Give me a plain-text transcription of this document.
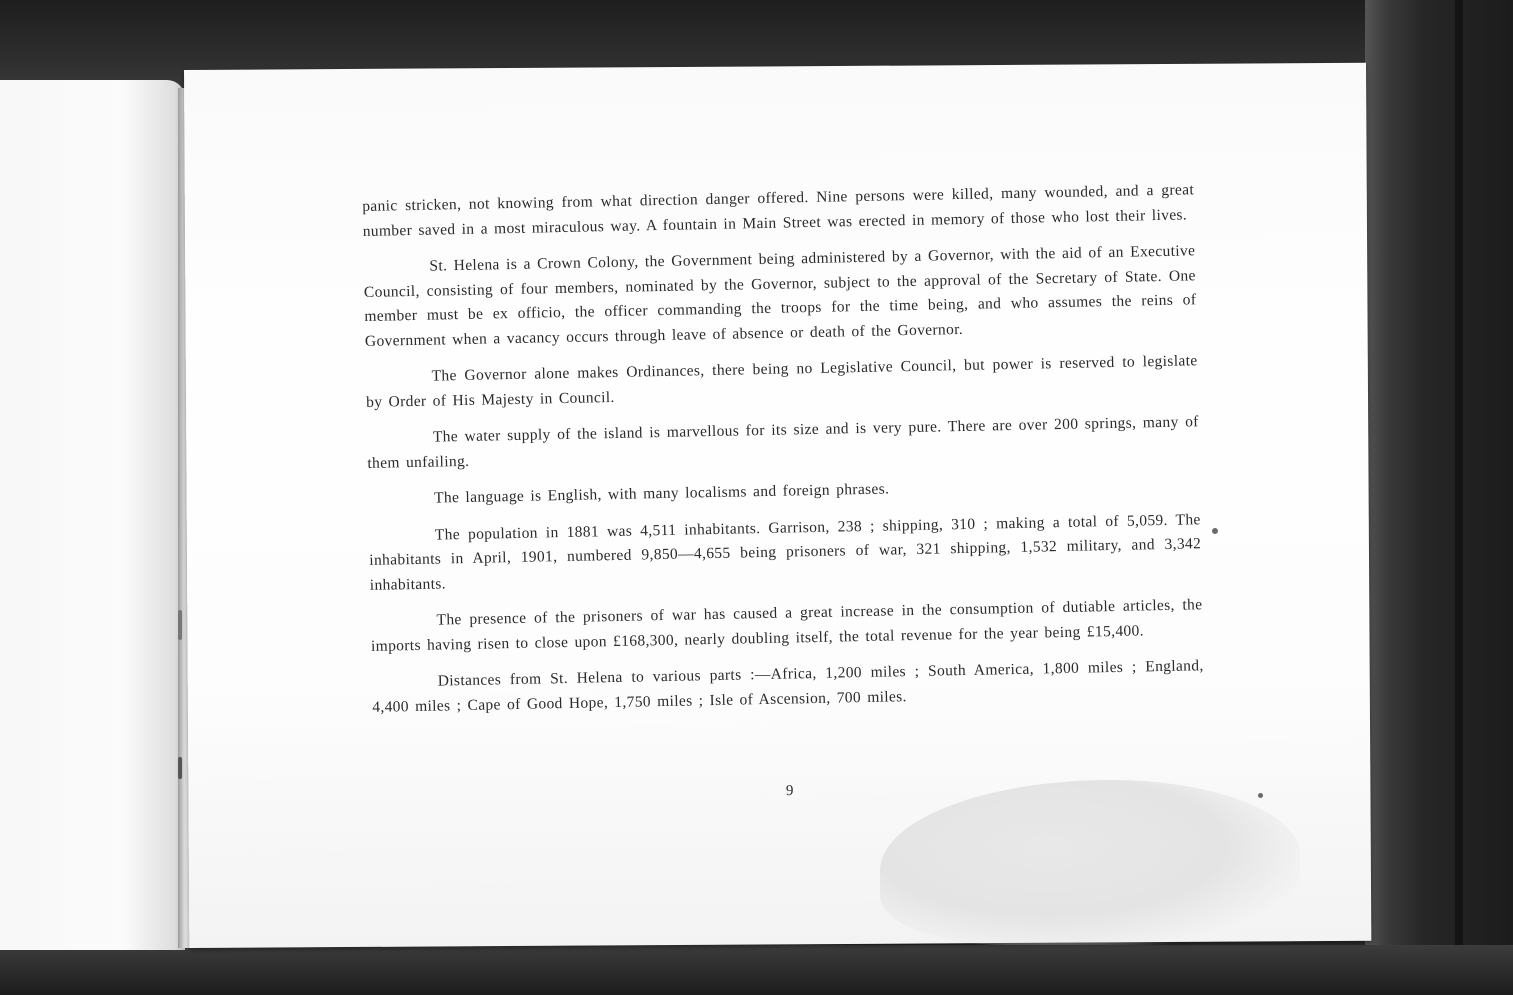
panic stricken, not knowing from what direction danger offered. Nine persons were killed, many wounded, and a great number saved in a most miraculous way. A fountain in Main Street was erected in memory of those who lost their lives.

St. Helena is a Crown Colony, the Government being administered by a Governor, with the aid of an Executive Council, consisting of four members, nominated by the Governor, subject to the approval of the Secretary of State. One member must be ex officio, the officer commanding the troops for the time being, and who assumes the reins of Government when a vacancy occurs through leave of absence or death of the Governor.

The Governor alone makes Ordinances, there being no Legislative Council, but power is reserved to legislate by Order of His Majesty in Council.

The water supply of the island is marvellous for its size and is very pure. There are over 200 springs, many of them unfailing.

The language is English, with many localisms and foreign phrases.

The population in 1881 was 4,511 inhabitants. Garrison, 238 ; shipping, 310 ; making a total of 5,059. The inhabitants in April, 1901, numbered 9,850—4,655 being prisoners of war, 321 shipping, 1,532 military, and 3,342 inhabitants.

The presence of the prisoners of war has caused a great increase in the consumption of dutiable articles, the imports having risen to close upon £168,300, nearly doubling itself, the total revenue for the year being £15,400.

Distances from St. Helena to various parts :—Africa, 1,200 miles ; South America, 1,800 miles ; England, 4,400 miles ; Cape of Good Hope, 1,750 miles ; Isle of Ascension, 700 miles.

9
